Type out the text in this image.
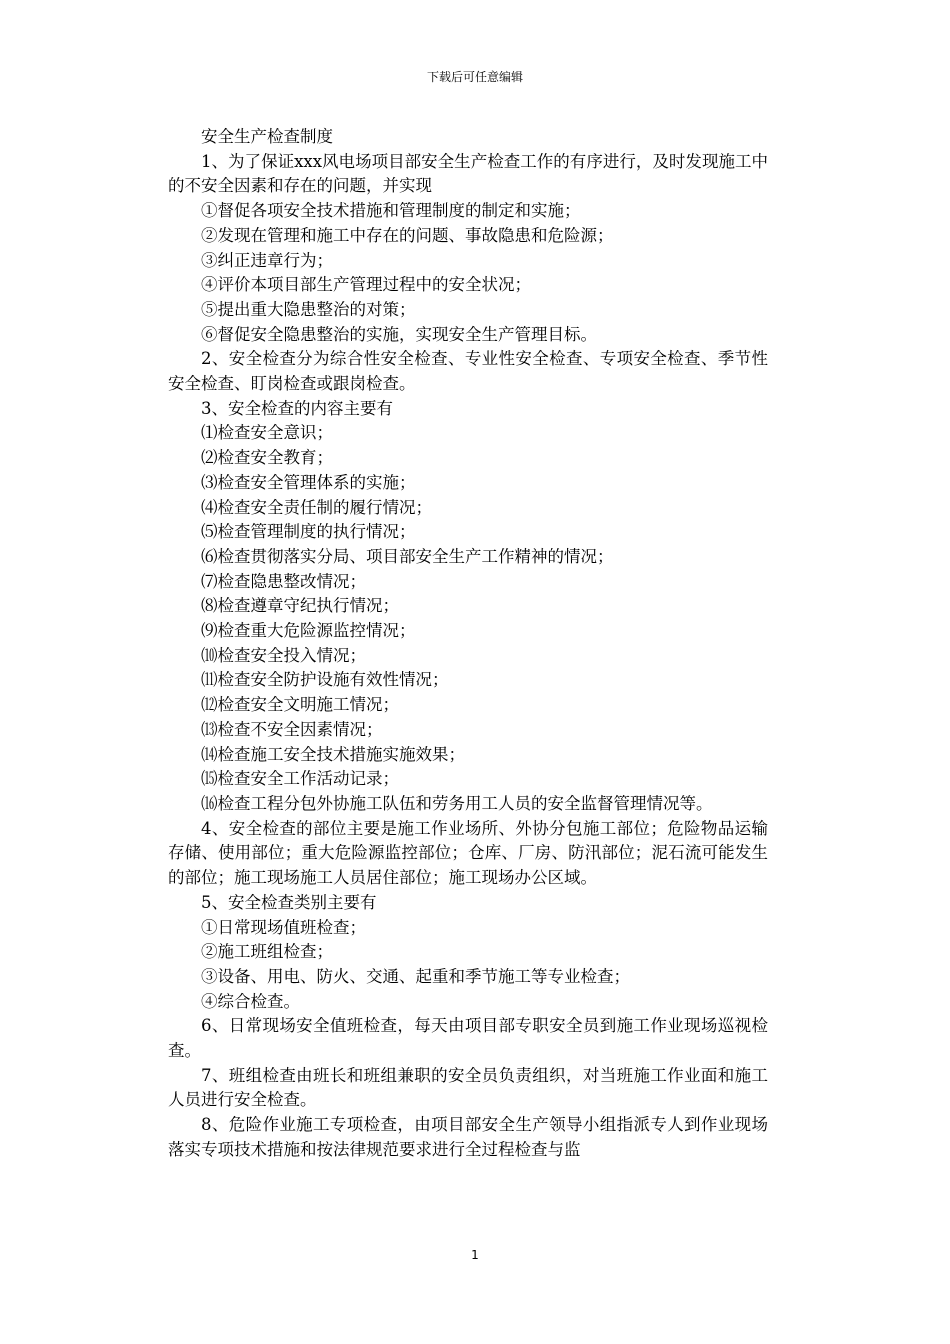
下载后可任意编辑

安全生产检查制度

1、为了保证xxx风电场项目部安全生产检查工作的有序进行，及时发现施工中的不安全因素和存在的问题，并实现

①督促各项安全技术措施和管理制度的制定和实施；

②发现在管理和施工中存在的问题、事故隐患和危险源；

③纠正违章行为；

④评价本项目部生产管理过程中的安全状况；

⑤提出重大隐患整治的对策；

⑥督促安全隐患整治的实施，实现安全生产管理目标。

2、安全检查分为综合性安全检查、专业性安全检查、专项安全检查、季节性安全检查、盯岗检查或跟岗检查。

3、安全检查的内容主要有

⑴检查安全意识；

⑵检查安全教育；

⑶检查安全管理体系的实施；

⑷检查安全责任制的履行情况；

⑸检查管理制度的执行情况；

⑹检查贯彻落实分局、项目部安全生产工作精神的情况；

⑺检查隐患整改情况；

⑻检查遵章守纪执行情况；

⑼检查重大危险源监控情况；

⑽检查安全投入情况；

⑾检查安全防护设施有效性情况；

⑿检查安全文明施工情况；

⒀检查不安全因素情况；

⒁检查施工安全技术措施实施效果；

⒂检查安全工作活动记录；

⒃检查工程分包外协施工队伍和劳务用工人员的安全监督管理情况等。

4、安全检查的部位主要是施工作业场所、外协分包施工部位；危险物品运输存储、使用部位；重大危险源监控部位；仓库、厂房、防汛部位；泥石流可能发生的部位；施工现场施工人员居住部位；施工现场办公区域。

5、安全检查类别主要有

①日常现场值班检查；

②施工班组检查；

③设备、用电、防火、交通、起重和季节施工等专业检查；

④综合检查。

6、日常现场安全值班检查，每天由项目部专职安全员到施工作业现场巡视检查。

7、班组检查由班长和班组兼职的安全员负责组织，对当班施工作业面和施工人员进行安全检查。

8、危险作业施工专项检查，由项目部安全生产领导小组指派专人到作业现场落实专项技术措施和按法律规范要求进行全过程检查与监

1
